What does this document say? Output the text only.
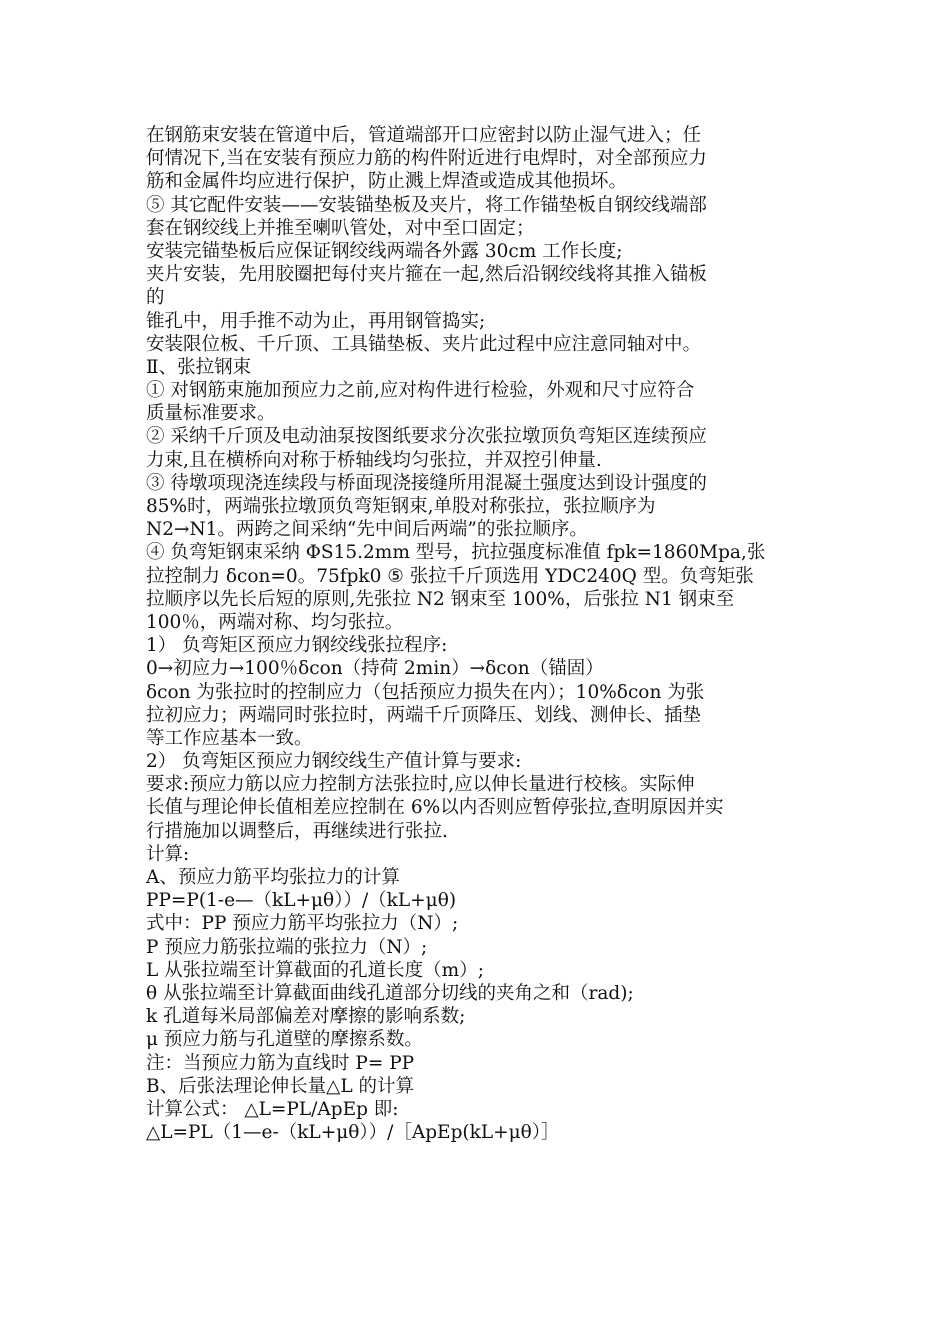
在钢筋束安装在管道中后，管道端部开口应密封以防止湿气进入；任
何情况下,当在安装有预应力筋的构件附近进行电焊时，对全部预应力
筋和金属件均应进行保护，防止溅上焊渣或造成其他损坏。
⑤ 其它配件安装——安装锚垫板及夹片，将工作锚垫板自钢绞线端部
套在钢绞线上并推至喇叭管处，对中至口固定；
安装完锚垫板后应保证钢绞线两端各外露 30cm 工作长度;
夹片安装，先用胶圈把每付夹片箍在一起,然后沿钢绞线将其推入锚板
的
锥孔中，用手推不动为止，再用钢管捣实;
安装限位板、千斤顶、工具锚垫板、夹片此过程中应注意同轴对中。
Ⅱ、张拉钢束
① 对钢筋束施加预应力之前,应对构件进行检验，外观和尺寸应符合
质量标准要求。
② 采纳千斤顶及电动油泵按图纸要求分次张拉墩顶负弯矩区连续预应
力束,且在横桥向对称于桥轴线均匀张拉，并双控引伸量.
③ 待墩项现浇连续段与桥面现浇接缝所用混凝土强度达到设计强度的
85%时，两端张拉墩顶负弯矩钢束,单股对称张拉，张拉顺序为
N2→N1。两跨之间采纳“先中间后两端”的张拉顺序。
④ 负弯矩钢束采纳 ΦS15.2mm 型号，抗拉强度标准值 fpk=1860Mpa,张
拉控制力 δcon=0。75fpk0 ⑤ 张拉千斤顶选用 YDC240Q 型。负弯矩张
拉顺序以先长后短的原则,先张拉 N2 钢束至 100%，后张拉 N1 钢束至
100％，两端对称、均匀张拉。
1） 负弯矩区预应力钢绞线张拉程序:
0→初应力→100％δcon（持荷 2min）→δcon（锚固）
δcon 为张拉时的控制应力（包括预应力损失在内）；10%δcon 为张
拉初应力；两端同时张拉时，两端千斤顶降压、划线、测伸长、插垫
等工作应基本一致。
2） 负弯矩区预应力钢绞线生产值计算与要求:
要求:预应力筋以应力控制方法张拉时,应以伸长量进行校核。实际伸
长值与理论伸长值相差应控制在 6%以内否则应暂停张拉,查明原因并实
行措施加以调整后，再继续进行张拉.
计算:
A、预应力筋平均张拉力的计算
PP=P(1-e—（kL+μθ））/（kL+μθ)
式中：PP 预应力筋平均张拉力（N）;
P 预应力筋张拉端的张拉力（N）;
L 从张拉端至计算截面的孔道长度（m）;
θ 从张拉端至计算截面曲线孔道部分切线的夹角之和（rad);
k 孔道每米局部偏差对摩擦的影响系数;
μ 预应力筋与孔道壁的摩擦系数。
注：当预应力筋为直线时 P= PP
B、后张法理论伸长量△L 的计算
计算公式： △L=PL/ApEp 即:
△L=PL（1—e-（kL+μθ））/［ApEp(kL+μθ）］
